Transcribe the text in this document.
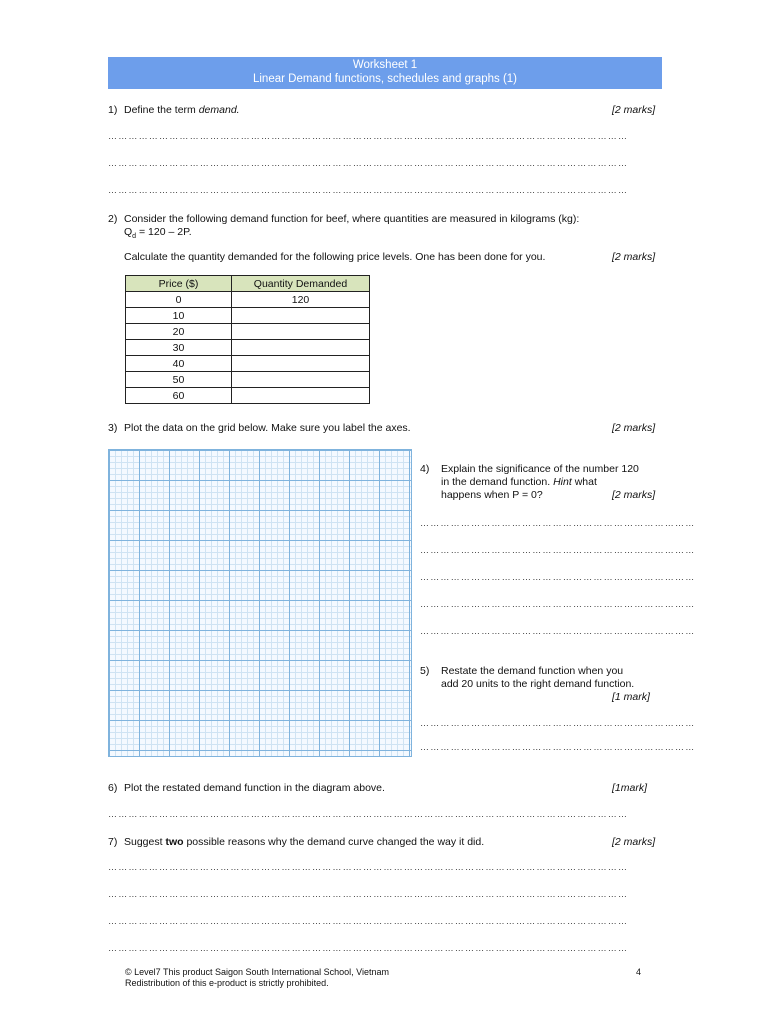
Worksheet 1
Linear Demand functions, schedules and graphs (1)
1) Define the term demand.	[2 marks]
………………………………………………………………………………………………………………………………………
………………………………………………………………………………………………………………………………………
………………………………………………………………………………………………………………………………………
2) Consider the following demand function for beef, where quantities are measured in kilograms (kg):
$Q_d = 120 - 2P$.
Calculate the quantity demanded for the following price levels. One has been done for you.	[2 marks]
Price ($)	Quantity Demanded
0	120
10	
20	
30	
40	
50	
60	
3) Plot the data on the grid below. Make sure you label the axes.	[2 marks]
4) Explain the significance of the number 120
in the demand function. Hint what
happens when P = 0?	[2 marks]
………………………………………………………………………
………………………………………………………………………
………………………………………………………………………
………………………………………………………………………
………………………………………………………………………
5) Restate the demand function when you
add 20 units to the right demand function.
[1 mark]
………………………………………………………………………
………………………………………………………………………
6) Plot the restated demand function in the diagram above.	[1mark]
………………………………………………………………………………………………………………………………………
7) Suggest two possible reasons why the demand curve changed the way it did.	[2 marks]
………………………………………………………………………………………………………………………………………
………………………………………………………………………………………………………………………………………
………………………………………………………………………………………………………………………………………
………………………………………………………………………………………………………………………………………
© Level7 This product Saigon South International School, Vietnam
Redistribution of this e-product is strictly prohibited.
4
